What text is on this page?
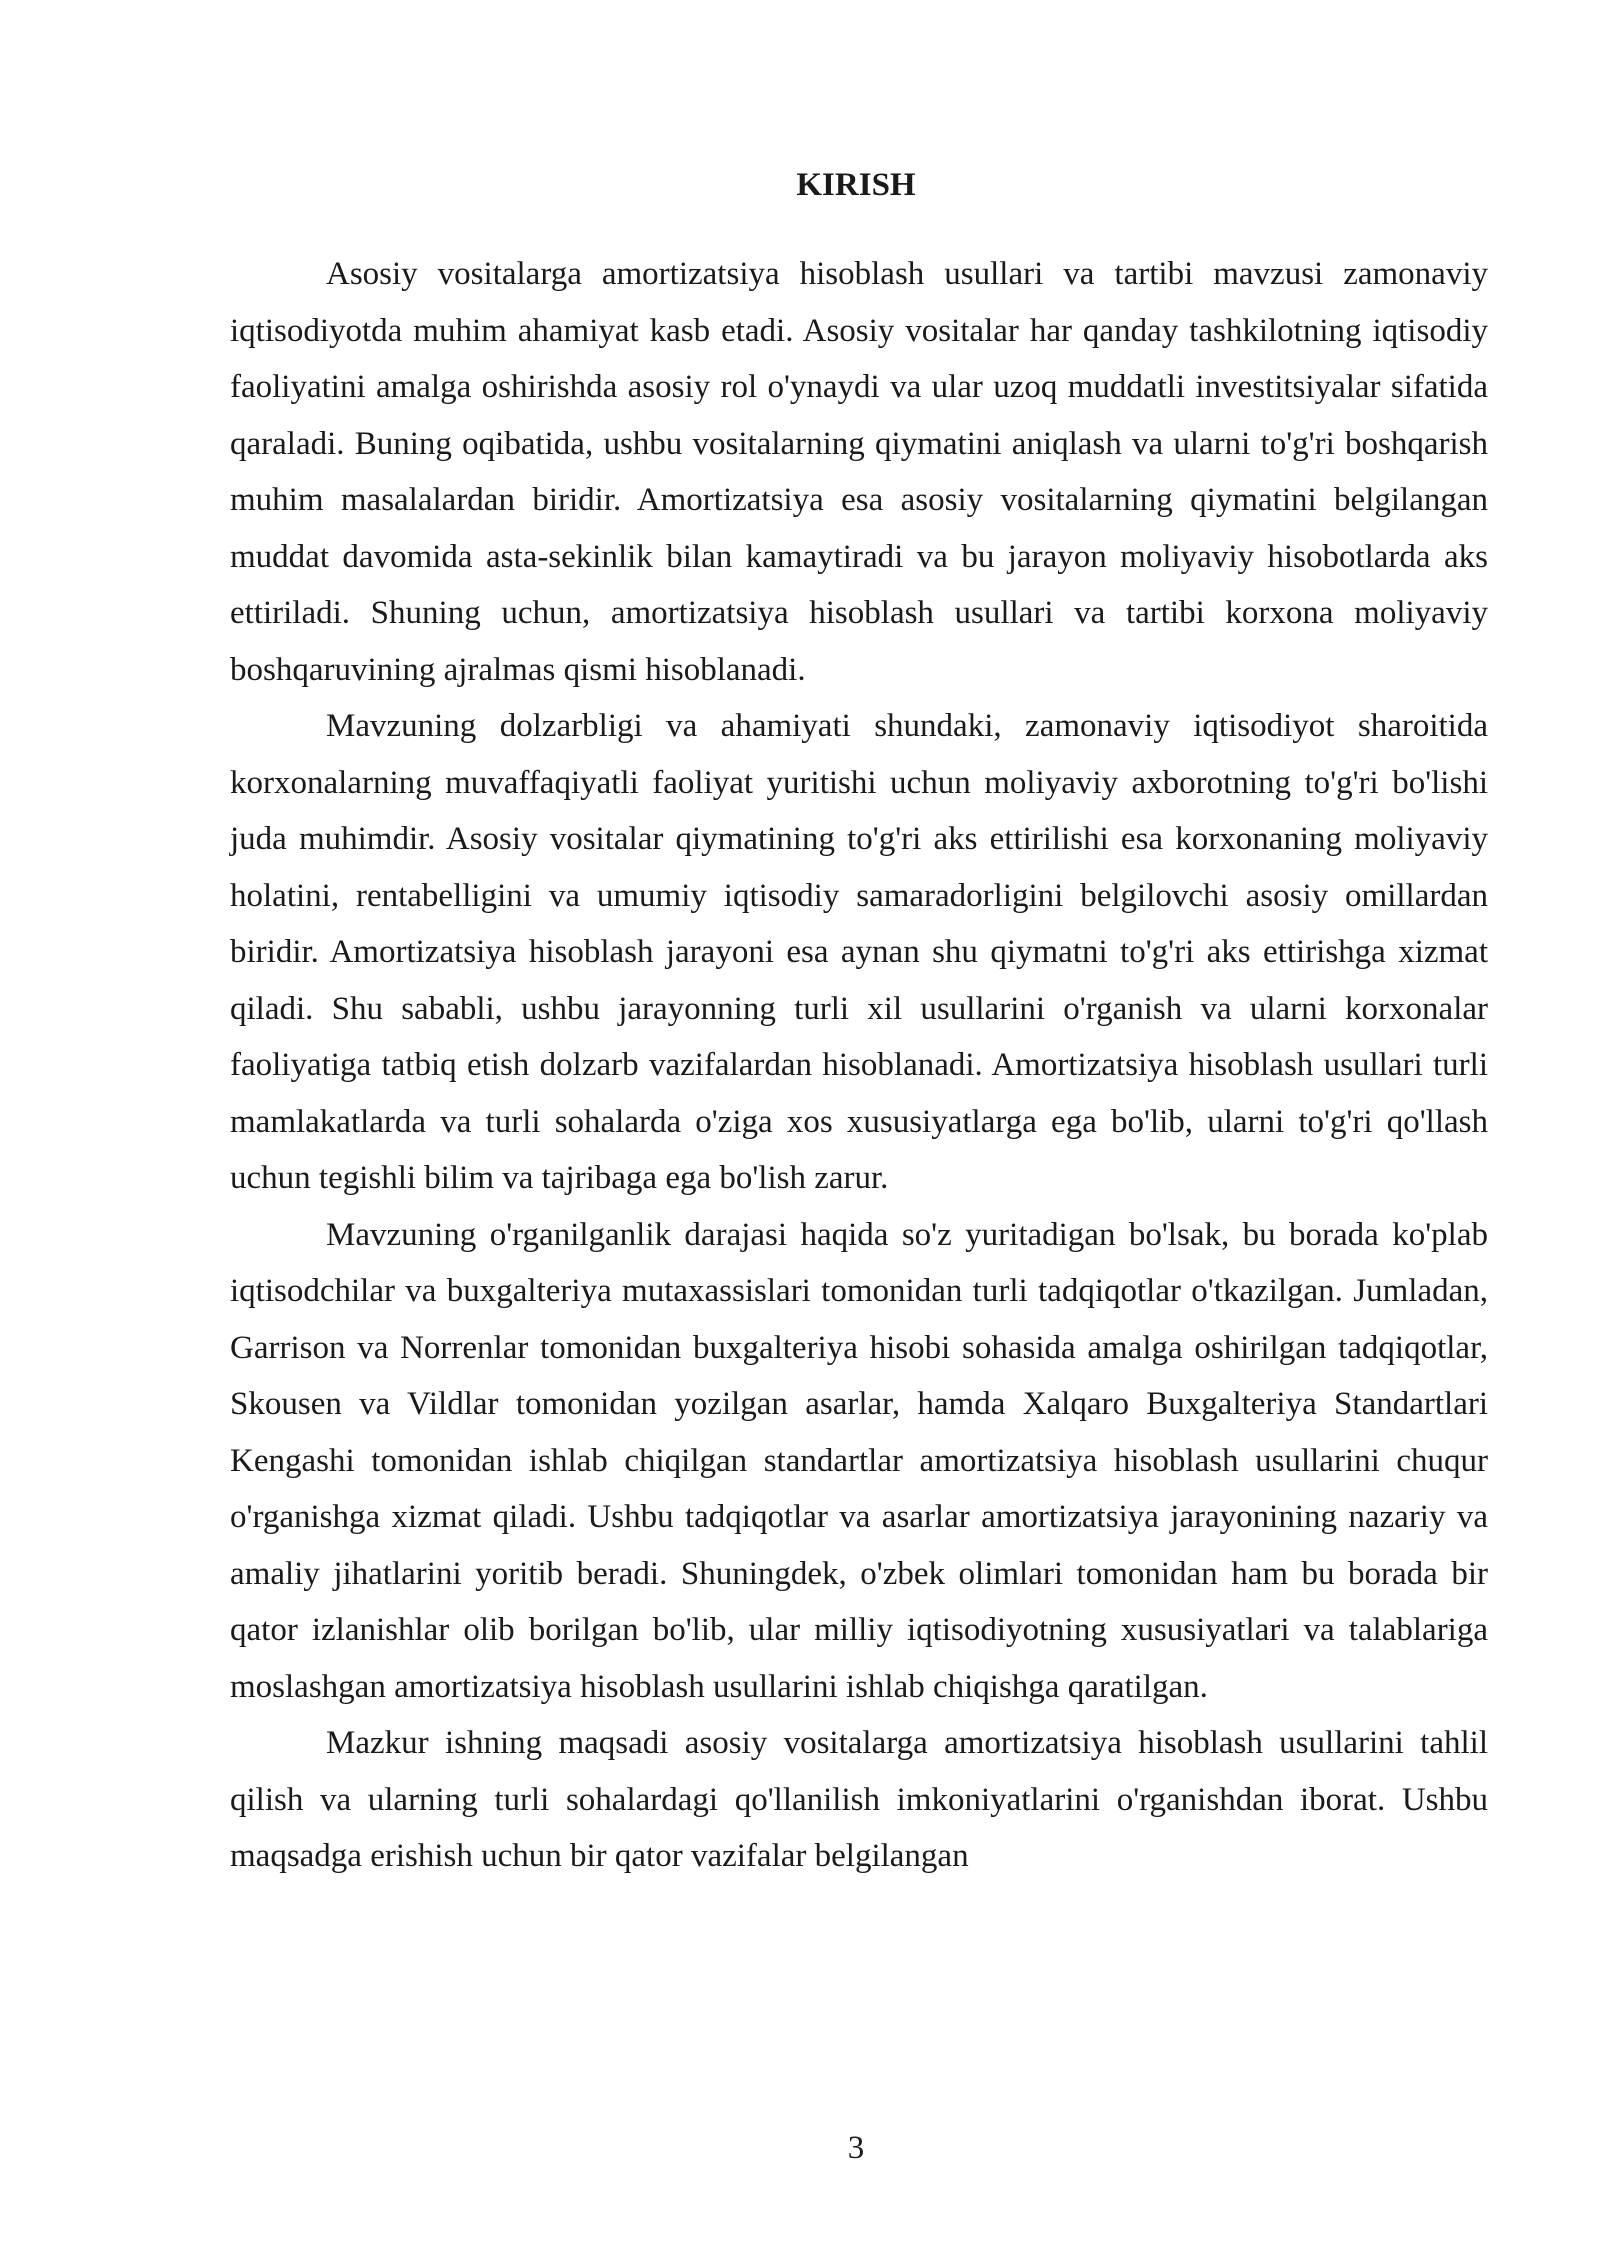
KIRISH

Asosiy vositalarga amortizatsiya hisoblash usullari va tartibi mavzusi zamonaviy iqtisodiyotda muhim ahamiyat kasb etadi. Asosiy vositalar har qanday tashkilotning iqtisodiy faoliyatini amalga oshirishda asosiy rol o'ynaydi va ular uzoq muddatli investitsiyalar sifatida qaraladi. Buning oqibatida, ushbu vositalarning qiymatini aniqlash va ularni to'g'ri boshqarish muhim masalalardan biridir. Amortizatsiya esa asosiy vositalarning qiymatini belgilangan muddat davomida asta-sekinlik bilan kamaytiradi va bu jarayon moliyaviy hisobotlarda aks ettiriladi. Shuning uchun, amortizatsiya hisoblash usullari va tartibi korxona moliyaviy boshqaruvining ajralmas qismi hisoblanadi.

Mavzuning dolzarbligi va ahamiyati shundaki, zamonaviy iqtisodiyot sharoitida korxonalarning muvaffaqiyatli faoliyat yuritishi uchun moliyaviy axborotning to'g'ri bo'lishi juda muhimdir. Asosiy vositalar qiymatining to'g'ri aks ettirilishi esa korxonaning moliyaviy holatini, rentabelligini va umumiy iqtisodiy samaradorligini belgilovchi asosiy omillardan biridir. Amortizatsiya hisoblash jarayoni esa aynan shu qiymatni to'g'ri aks ettirishga xizmat qiladi. Shu sababli, ushbu jarayonning turli xil usullarini o'rganish va ularni korxonalar faoliyatiga tatbiq etish dolzarb vazifalardan hisoblanadi. Amortizatsiya hisoblash usullari turli mamlakatlarda va turli sohalarda o'ziga xos xususiyatlarga ega bo'lib, ularni to'g'ri qo'llash uchun tegishli bilim va tajribaga ega bo'lish zarur.

Mavzuning o'rganilganlik darajasi haqida so'z yuritadigan bo'lsak, bu borada ko'plab iqtisodchilar va buxgalteriya mutaxassislari tomonidan turli tadqiqotlar o'tkazilgan. Jumladan, Garrison va Norrenlar tomonidan buxgalteriya hisobi sohasida amalga oshirilgan tadqiqotlar, Skousen va Vildlar tomonidan yozilgan asarlar, hamda Xalqaro Buxgalteriya Standartlari Kengashi tomonidan ishlab chiqilgan standartlar amortizatsiya hisoblash usullarini chuqur o'rganishga xizmat qiladi. Ushbu tadqiqotlar va asarlar amortizatsiya jarayonining nazariy va amaliy jihatlarini yoritib beradi. Shuningdek, o'zbek olimlari tomonidan ham bu borada bir qator izlanishlar olib borilgan bo'lib, ular milliy iqtisodiyotning xususiyatlari va talablariga moslashgan amortizatsiya hisoblash usullarini ishlab chiqishga qaratilgan.

Mazkur ishning maqsadi asosiy vositalarga amortizatsiya hisoblash usullarini tahlil qilish va ularning turli sohalardagi qo'llanilish imkoniyatlarini o'rganishdan iborat. Ushbu maqsadga erishish uchun bir qator vazifalar belgilangan

3
